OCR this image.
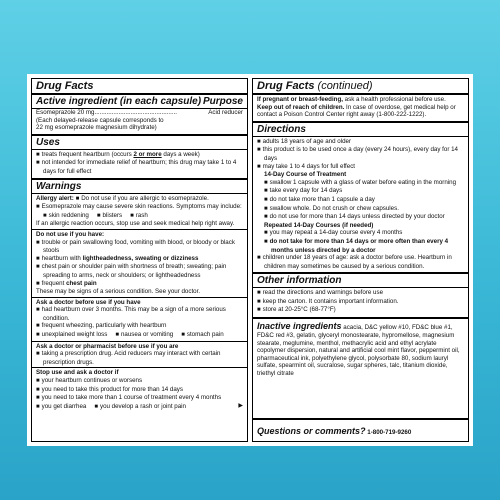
Drug Facts
Active ingredient (in each capsule) Purpose
Esomeprazole 20 mg ................................................	Acid reducer
(Each delayed-release capsule corresponds to
22 mg esomeprazole magnesium dihydrate)
Uses
■ treats frequent heartburn (occurs 2 or more days a week)
■ not intended for immediate relief of heartburn; this drug may take 1 to 4 days for full effect
Warnings
Allergy alert: ■ Do not use if you are allergic to esomeprazole.
■ Esomeprazole may cause severe skin reactions. Symptoms may include:
■ skin reddening ■ blisters ■ rash
If an allergic reaction occurs, stop use and seek medical help right away.
Do not use if you have:
■ trouble or pain swallowing food, vomiting with blood, or bloody or black stools
■ heartburn with lightheadedness, sweating or dizziness
■ chest pain or shoulder pain with shortness of breath; sweating; pain spreading to arms, neck or shoulders; or lightheadedness
■ frequent chest pain
These may be signs of a serious condition. See your doctor.
Ask a doctor before use if you have
■ had heartburn over 3 months. This may be a sign of a more serious condition.
■ frequent wheezing, particularly with heartburn
■ unexplained weight loss ■ nausea or vomiting ■ stomach pain
Ask a doctor or pharmacist before use if you are
■ taking a prescription drug. Acid reducers may interact with certain prescription drugs.
Stop use and ask a doctor if
■ your heartburn continues or worsens
■ you need to take this product for more than 14 days
■ you need to take more than 1 course of treatment every 4 months
■ you get diarrhea ■ you develop a rash or joint pain	▶
Drug Facts (continued)
If pregnant or breast-feeding, ask a health professional before use.
Keep out of reach of children. In case of overdose, get medical help or contact a Poison Control Center right away (1-800-222-1222).
Directions
■ adults 18 years of age and older
■ this product is to be used once a day (every 24 hours), every day for 14 days
■ may take 1 to 4 days for full effect
14-Day Course of Treatment
■ swallow 1 capsule with a glass of water before eating in the morning
■ take every day for 14 days
■ do not take more than 1 capsule a day
■ swallow whole. Do not crush or chew capsules.
■ do not use for more than 14 days unless directed by your doctor
Repeated 14-Day Courses (if needed)
■ you may repeat a 14-day course every 4 months
■ do not take for more than 14 days or more often than every 4 months unless directed by a doctor
■ children under 18 years of age: ask a doctor before use. Heartburn in children may sometimes be caused by a serious condition.
Other information
■ read the directions and warnings before use
■ keep the carton. It contains important information.
■ store at 20-25°C (68-77°F)
Inactive ingredients acacia, D&C yellow #10, FD&C blue #1, FD&C red #3, gelatin, glyceryl monostearate, hypromellose, magnesium stearate, meglumine, menthol, methacrylic acid and ethyl acrylate copolymer dispersion, natural and artificial cool mint flavor, peppermint oil, pharmaceutical ink, polyethylene glycol, polysorbate 80, sodium lauryl sulfate, spearmint oil, sucralose, sugar spheres, talc, titanium dioxide, triethyl citrate
Questions or comments? 1-800-719-9260
